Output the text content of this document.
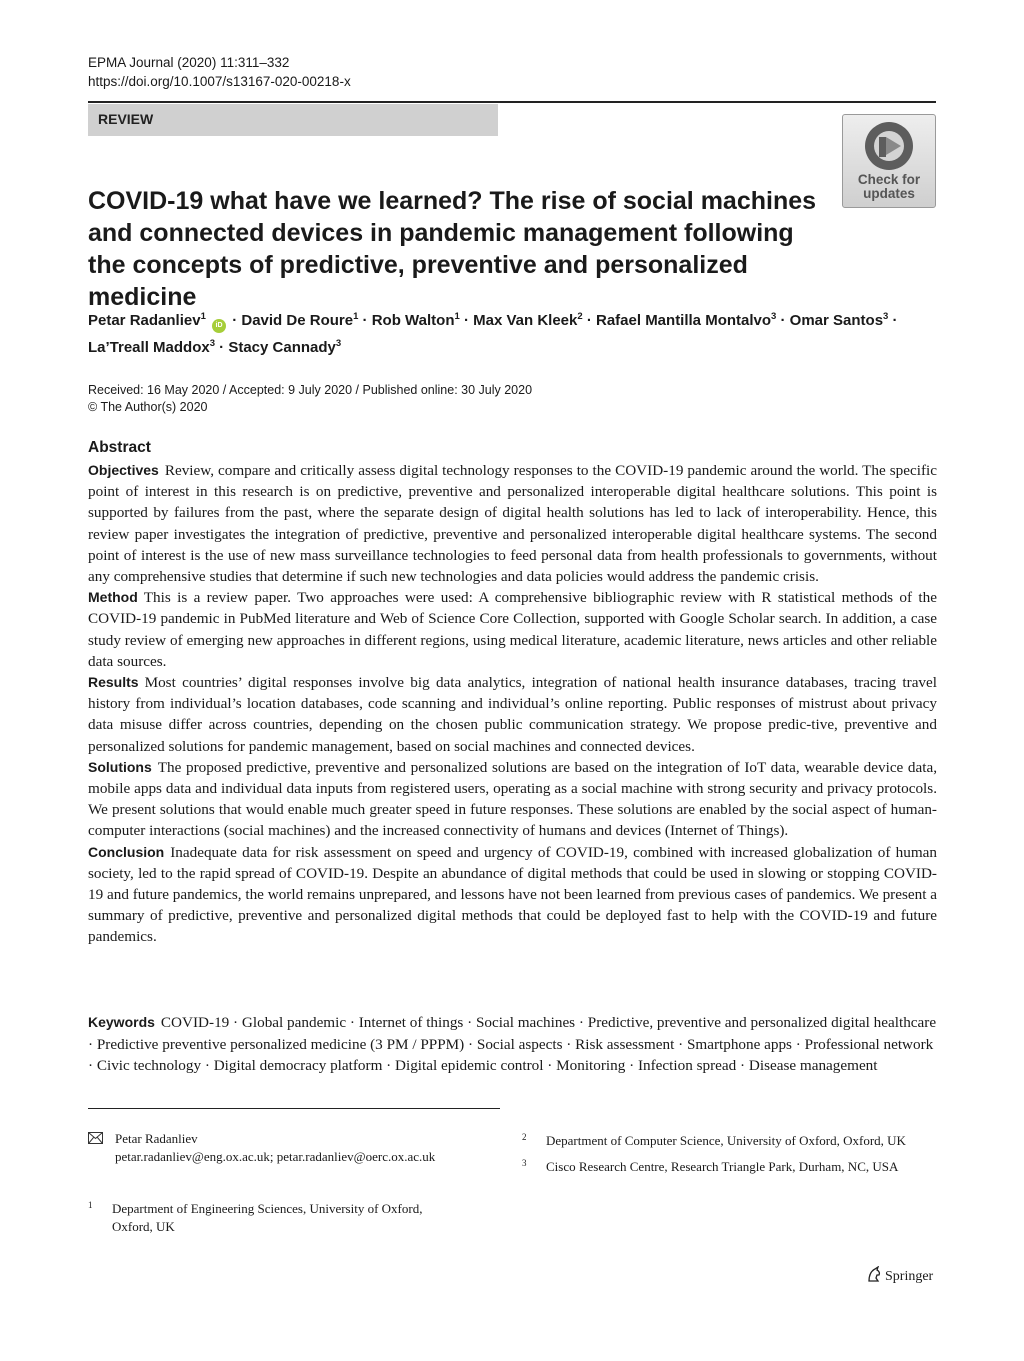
EPMA Journal (2020) 11:311–332
https://doi.org/10.1007/s13167-020-00218-x
REVIEW
Check for
updates
COVID-19 what have we learned? The rise of social machines
and connected devices in pandemic management following
the concepts of predictive, preventive and personalized medicine
Petar Radanliev$^1$ iD · David De Roure$^1$ · Rob Walton$^1$ · Max Van Kleek$^2$ · Rafael Mantilla Montalvo$^3$ · Omar Santos$^3$ ·
La’Treall Maddox$^3$ · Stacy Cannady$^3$
Received: 16 May 2020 / Accepted: 9 July 2020 / Published online: 30 July 2020
© The Author(s) 2020
Abstract

Objectives Review, compare and critically assess digital technology responses to the COVID-19 pandemic around the world. The specific point of interest in this research is on predictive, preventive and personalized interoperable digital healthcare solutions. This point is supported by failures from the past, where the separate design of digital health solutions has led to lack of interoperability. Hence, this review paper investigates the integration of predictive, preventive and personalized interoperable digital healthcare systems. The second point of interest is the use of new mass surveillance technologies to feed personal data from health professionals to governments, without any comprehensive studies that determine if such new technologies and data policies would address the pandemic crisis.

Method This is a review paper. Two approaches were used: A comprehensive bibliographic review with R statistical methods of the COVID-19 pandemic in PubMed literature and Web of Science Core Collection, supported with Google Scholar search. In addition, a case study review of emerging new approaches in different regions, using medical literature, academic literature, news articles and other reliable data sources.

Results Most countries’ digital responses involve big data analytics, integration of national health insurance databases, tracing travel history from individual’s location databases, code scanning and individual’s online reporting. Public responses of mistrust about privacy data misuse differ across countries, depending on the chosen public communication strategy. We propose predic-tive, preventive and personalized solutions for pandemic management, based on social machines and connected devices.

Solutions The proposed predictive, preventive and personalized solutions are based on the integration of IoT data, wearable device data, mobile apps data and individual data inputs from registered users, operating as a social machine with strong security and privacy protocols. We present solutions that would enable much greater speed in future responses. These solutions are enabled by the social aspect of human-computer interactions (social machines) and the increased connectivity of humans and devices (Internet of Things).

Conclusion Inadequate data for risk assessment on speed and urgency of COVID-19, combined with increased globalization of human society, led to the rapid spread of COVID-19. Despite an abundance of digital methods that could be used in slowing or stopping COVID-19 and future pandemics, the world remains unprepared, and lessons have not been learned from previous cases of pandemics. We present a summary of predictive, preventive and personalized digital methods that could be deployed fast to help with the COVID-19 and future pandemics.

Keywords COVID-19 · Global pandemic · Internet of things · Social machines · Predictive, preventive and personalized digital healthcare · Predictive preventive personalized medicine (3 PM / PPPM) · Social aspects · Risk assessment · Smartphone apps · Professional network · Civic technology · Digital democracy platform · Digital epidemic control · Monitoring · Infection spread · Disease management
Petar Radanliev
petar.radanliev@eng.ox.ac.uk; petar.radanliev@oerc.ox.ac.uk
1 Department of Engineering Sciences, University of Oxford,
Oxford, UK
2 Department of Computer Science, University of Oxford, Oxford, UK
3 Cisco Research Centre, Research Triangle Park, Durham, NC, USA
Springer
